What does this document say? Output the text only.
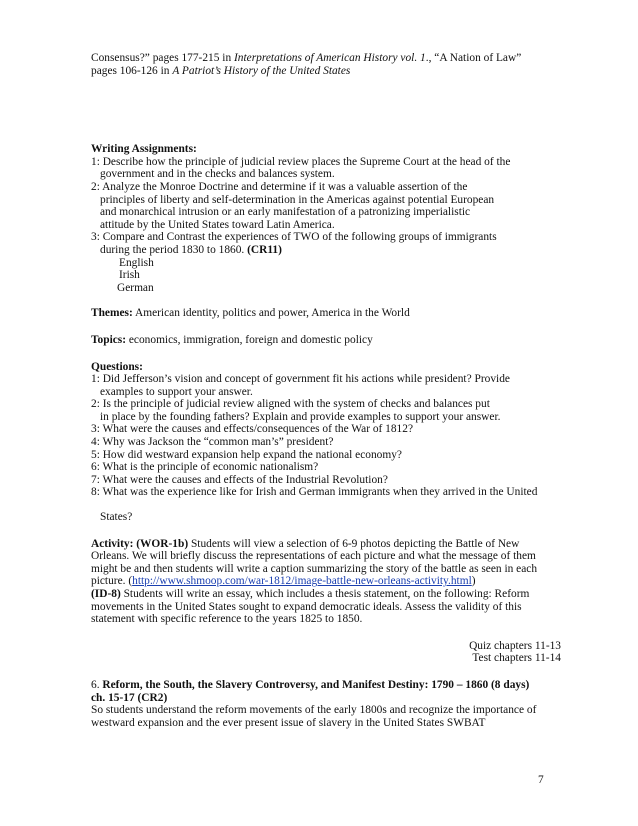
Consensus?” pages 177-215 in Interpretations of American History vol. 1., “A Nation of Law”

pages 106-126 in A Patriot’s History of the United States

Writing Assignments:

1: Describe how the principle of judicial review places the Supreme Court at the head of the

government and in the checks and balances system.

2: Analyze the Monroe Doctrine and determine if it was a valuable assertion of the

principles of liberty and self-determination in the Americas against potential European

and monarchical intrusion or an early manifestation of a patronizing imperialistic

attitude by the United States toward Latin America.

3: Compare and Contrast the experiences of TWO of the following groups of immigrants

during the period 1830 to 1860. (CR11)

English

Irish

German

Themes: American identity, politics and power, America in the World

Topics: economics, immigration, foreign and domestic policy

Questions:

1: Did Jefferson’s vision and concept of government fit his actions while president? Provide

examples to support your answer.

2: Is the principle of judicial review aligned with the system of checks and balances put

in place by the founding fathers? Explain and provide examples to support your answer.

3: What were the causes and effects/consequences of the War of 1812?

4: Why was Jackson the “common man’s” president?

5: How did westward expansion help expand the national economy?

6: What is the principle of economic nationalism?

7: What were the causes and effects of the Industrial Revolution?

8: What was the experience like for Irish and German immigrants when they arrived in the United

States?

Activity: (WOR-1b) Students will view a selection of 6-9 photos depicting the Battle of New

Orleans. We will briefly discuss the representations of each picture and what the message of them

might be and then students will write a caption summarizing the story of the battle as seen in each

picture. (http://www.shmoop.com/war-1812/image-battle-new-orleans-activity.html)

(ID-8) Students will write an essay, which includes a thesis statement, on the following: Reform

movements in the United States sought to expand democratic ideals. Assess the validity of this

statement with specific reference to the years 1825 to 1850.

Quiz chapters 11-13

Test chapters 11-14

6. Reform, the South, the Slavery Controversy, and Manifest Destiny: 1790 – 1860 (8 days)

ch. 15-17 (CR2)

So students understand the reform movements of the early 1800s and recognize the importance of

westward expansion and the ever present issue of slavery in the United States SWBAT

7
